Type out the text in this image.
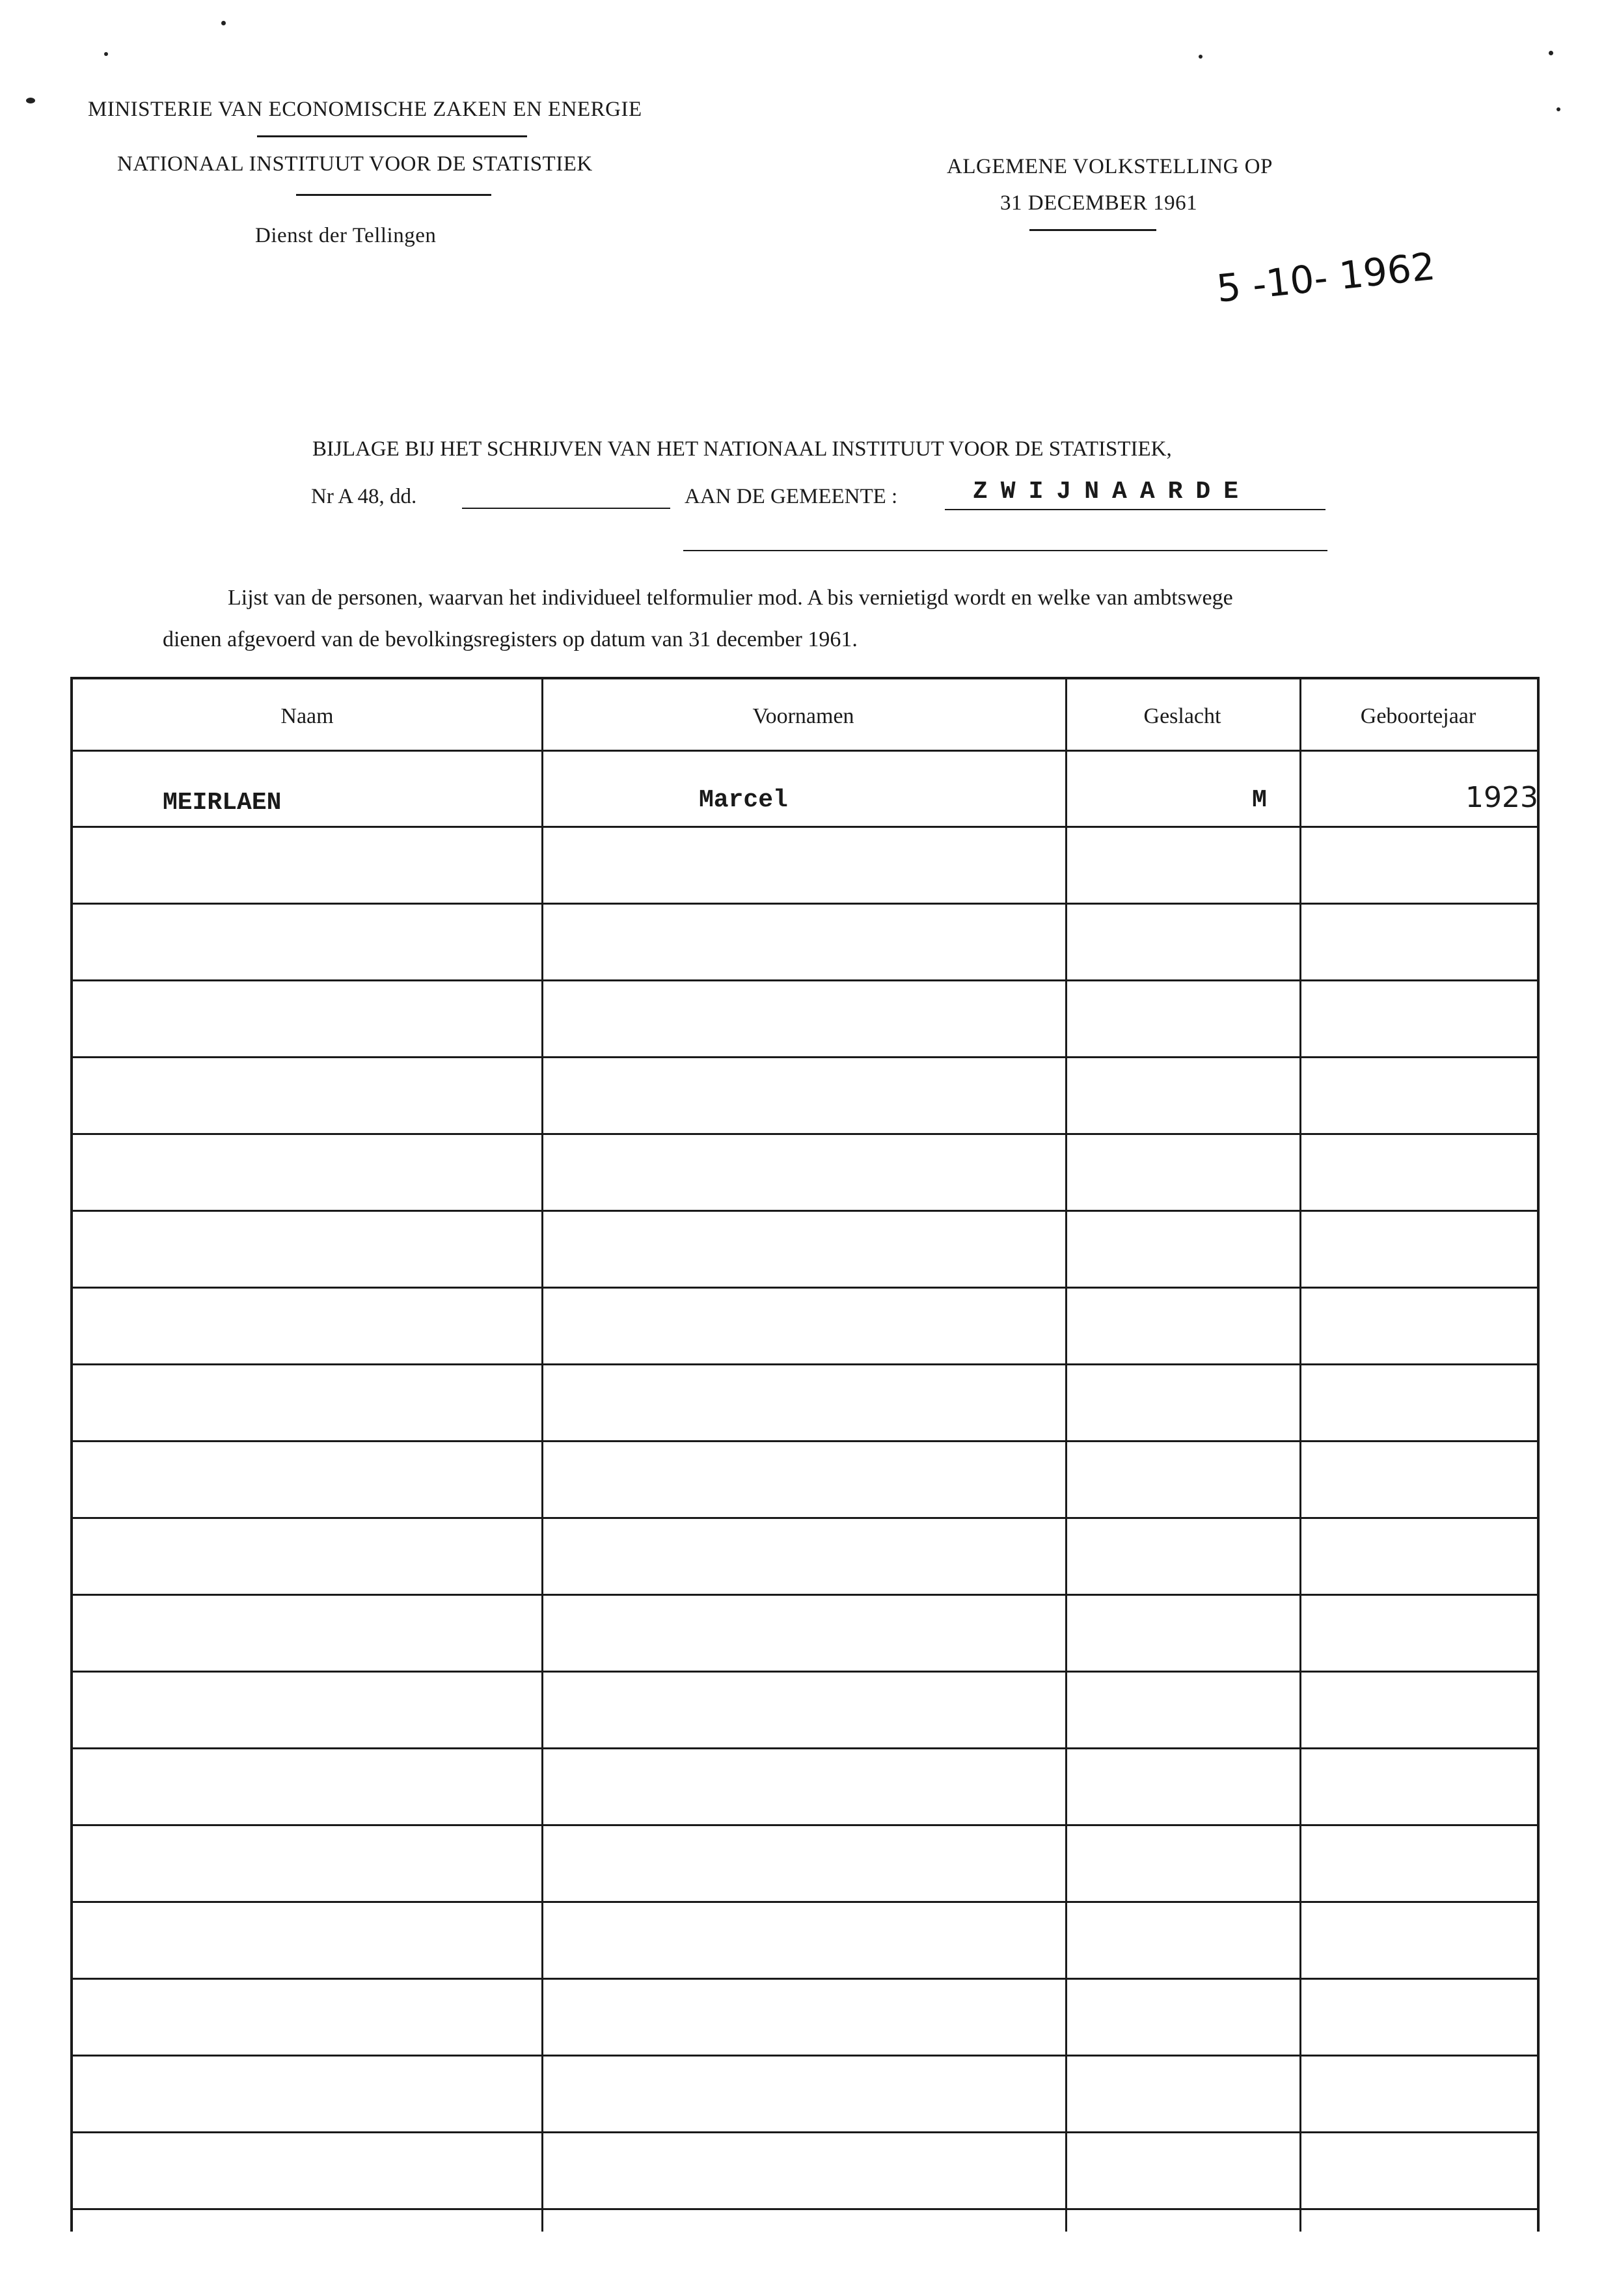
MINISTERIE VAN ECONOMISCHE ZAKEN EN ENERGIE
NATIONAAL INSTITUUT VOOR DE STATISTIEK
Dienst der Tellingen
ALGEMENE VOLKSTELLING OP
31 DECEMBER 1961
5 -10- 1962
BIJLAGE BIJ HET SCHRIJVEN VAN HET NATIONAAL INSTITUUT VOOR DE STATISTIEK,
Nr A 48, dd.	AAN DE GEMEENTE :	ZWIJNAARDE
Lijst van de personen, waarvan het individueel telformulier mod. A bis vernietigd wordt en welke van ambtswege
dienen afgevoerd van de bevolkingsregisters op datum van 31 december 1961.
Naam	Voornamen	Geslacht	Geboortejaar
MEIRLAEN	Marcel	M	1923
